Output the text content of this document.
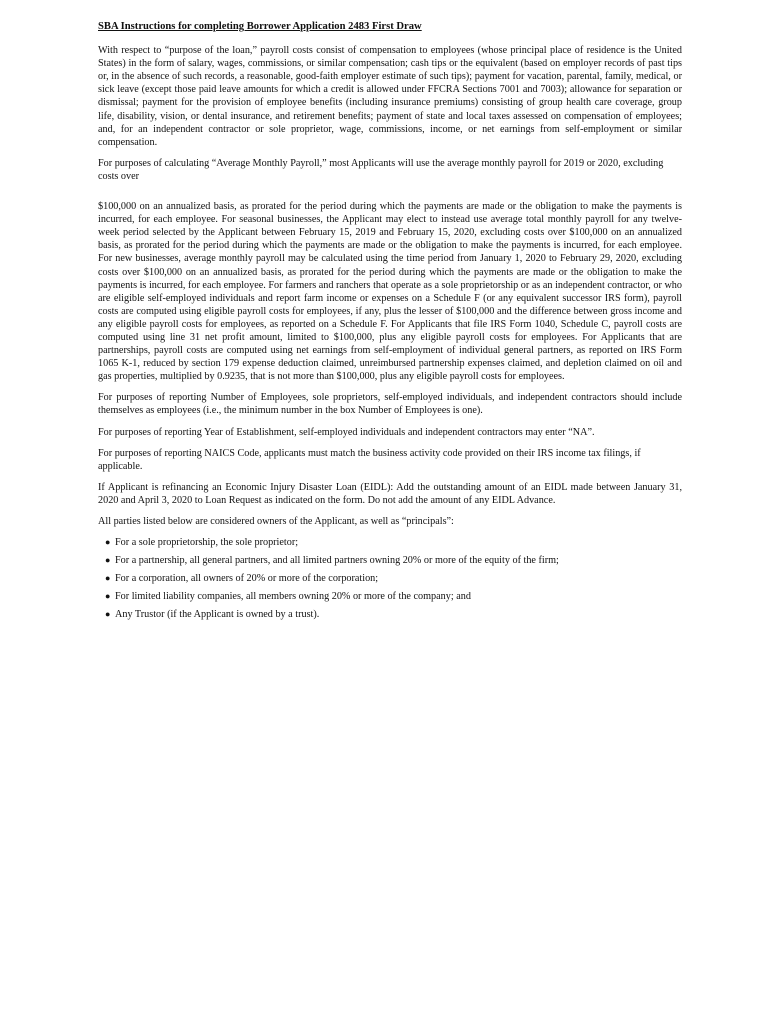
SBA Instructions for completing Borrower Application 2483 First Draw

With respect to “purpose of the loan,” payroll costs consist of compensation to employees (whose principal place of residence is the United States) in the form of salary, wages, commissions, or similar compensation; cash tips or the equivalent (based on employer records of past tips or, in the absence of such records, a reasonable, good-faith employer estimate of such tips); payment for vacation, parental, family, medical, or sick leave (except those paid leave amounts for which a credit is allowed under FFCRA Sections 7001 and 7003); allowance for separation or dismissal; payment for the provision of employee benefits (including insurance premiums) consisting of group health care coverage, group life, disability, vision, or dental insurance, and retirement benefits; payment of state and local taxes assessed on compensation of employees; and, for an independent contractor or sole proprietor, wage, commissions, income, or net earnings from self-employment or similar compensation.

For purposes of calculating “Average Monthly Payroll,” most Applicants will use the average monthly payroll for 2019 or 2020, excluding costs over

$100,000 on an annualized basis, as prorated for the period during which the payments are made or the obligation to make the payments is incurred, for each employee. For seasonal businesses, the Applicant may elect to instead use average total monthly payroll for any twelve-week period selected by the Applicant between February 15, 2019 and February 15, 2020, excluding costs over $100,000 on an annualized basis, as prorated for the period during which the payments are made or the obligation to make the payments is incurred, for each employee. For new businesses, average monthly payroll may be calculated using the time period from January 1, 2020 to February 29, 2020, excluding costs over $100,000 on an annualized basis, as prorated for the period during which the payments are made or the obligation to make the payments is incurred, for each employee. For farmers and ranchers that operate as a sole proprietorship or as an independent contractor, or who are eligible self-employed individuals and report farm income or expenses on a Schedule F (or any equivalent successor IRS form), payroll costs are computed using eligible payroll costs for employees, if any, plus the lesser of $100,000 and the difference between gross income and any eligible payroll costs for employees, as reported on a Schedule F. For Applicants that file IRS Form 1040, Schedule C, payroll costs are computed using line 31 net profit amount, limited to $100,000, plus any eligible payroll costs for employees. For Applicants that are partnerships, payroll costs are computed using net earnings from self-employment of individual general partners, as reported on IRS Form 1065 K-1, reduced by section 179 expense deduction claimed, unreimbursed partnership expenses claimed, and depletion claimed on oil and gas properties, multiplied by 0.9235, that is not more than $100,000, plus any eligible payroll costs for employees.

For purposes of reporting Number of Employees, sole proprietors, self-employed individuals, and independent contractors should include themselves as employees (i.e., the minimum number in the box Number of Employees is one).

For purposes of reporting Year of Establishment, self-employed individuals and independent contractors may enter “NA”.

For purposes of reporting NAICS Code, applicants must match the business activity code provided on their IRS income tax filings, if applicable.

If Applicant is refinancing an Economic Injury Disaster Loan (EIDL): Add the outstanding amount of an EIDL made between January 31, 2020 and April 3, 2020 to Loan Request as indicated on the form. Do not add the amount of any EIDL Advance.

All parties listed below are considered owners of the Applicant, as well as “principals”:

● For a sole proprietorship, the sole proprietor;
● For a partnership, all general partners, and all limited partners owning 20% or more of the equity of the firm;
● For a corporation, all owners of 20% or more of the corporation;
● For limited liability companies, all members owning 20% or more of the company; and
● Any Trustor (if the Applicant is owned by a trust).
